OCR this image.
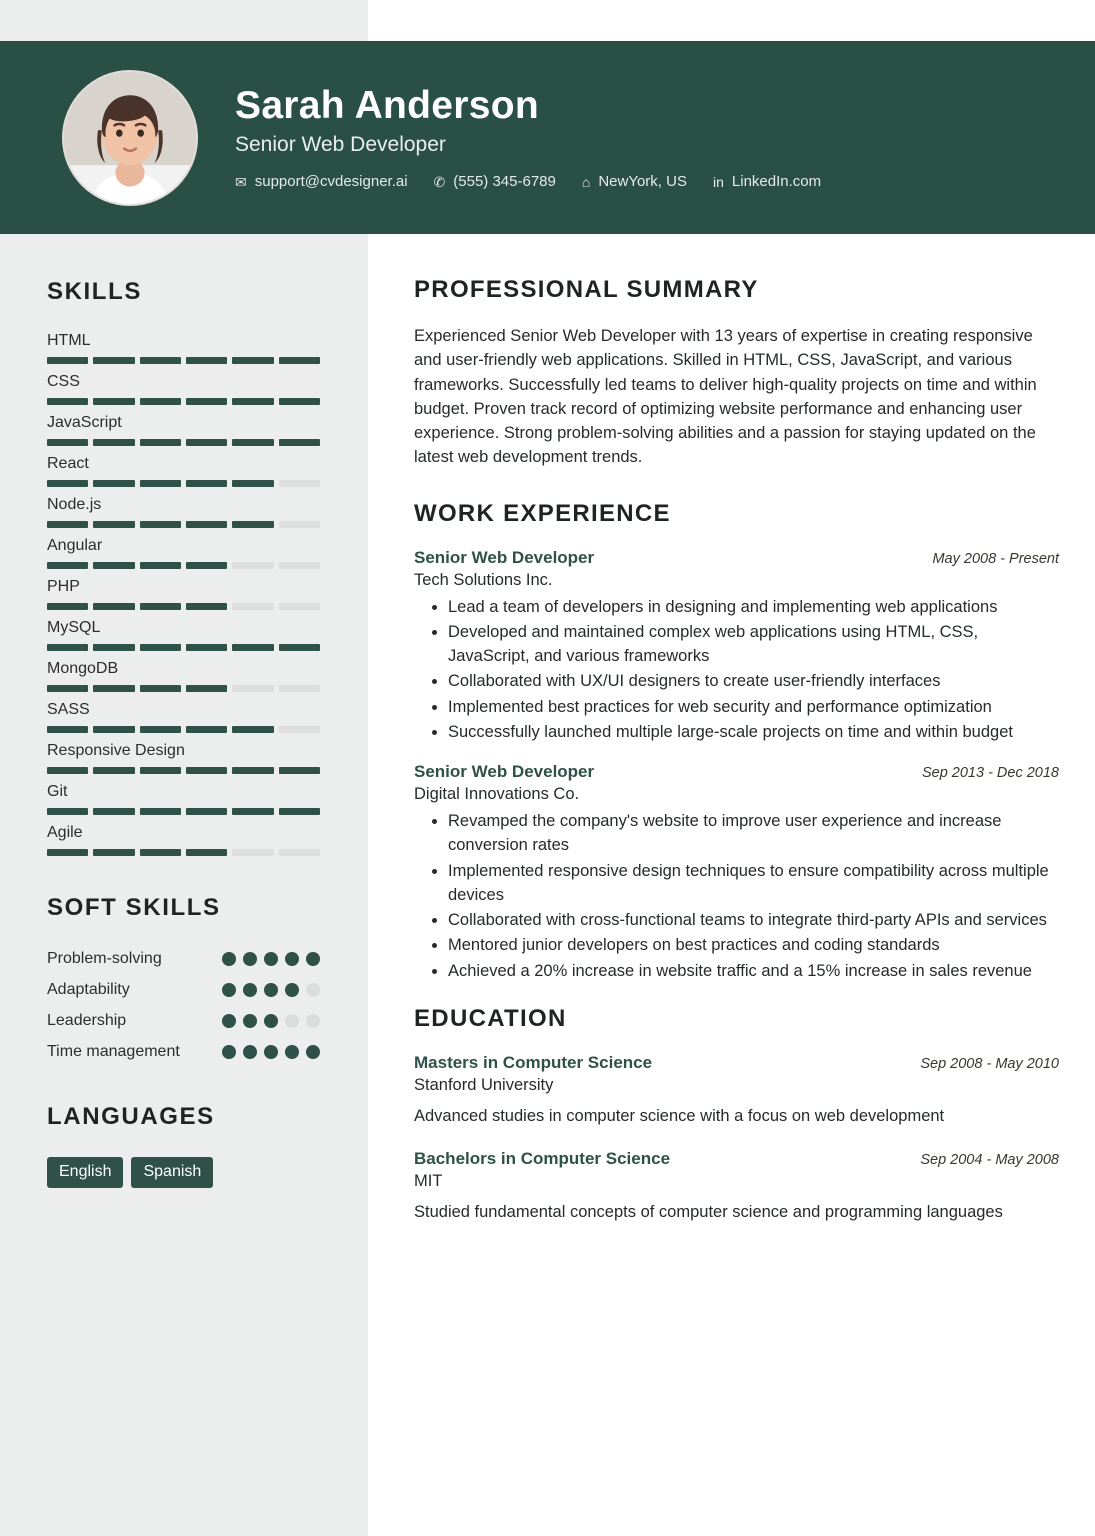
Sarah Anderson
Senior Web Developer
✉ support@cvdesigner.ai ✆ (555) 345-6789 ⌂ NewYork, US in LinkedIn.com
SKILLS
HTML
CSS
JavaScript
React
Node.js
Angular
PHP
MySQL
MongoDB
SASS
Responsive Design
Git
Agile
SOFT SKILLS
Problem-solving
Adaptability
Leadership
Time management
LANGUAGES
English	Spanish
PROFESSIONAL SUMMARY
Experienced Senior Web Developer with 13 years of expertise in creating responsive and user-friendly web applications. Skilled in HTML, CSS, JavaScript, and various frameworks. Successfully led teams to deliver high-quality projects on time and within budget. Proven track record of optimizing website performance and enhancing user experience. Strong problem-solving abilities and a passion for staying updated on the latest web development trends.
WORK EXPERIENCE
Senior Web Developer	May 2008 - Present
Tech Solutions Inc.
• Lead a team of developers in designing and implementing web applications
• Developed and maintained complex web applications using HTML, CSS, JavaScript, and various frameworks
• Collaborated with UX/UI designers to create user-friendly interfaces
• Implemented best practices for web security and performance optimization
• Successfully launched multiple large-scale projects on time and within budget
Senior Web Developer	Sep 2013 - Dec 2018
Digital Innovations Co.
• Revamped the company's website to improve user experience and increase conversion rates
• Implemented responsive design techniques to ensure compatibility across multiple devices
• Collaborated with cross-functional teams to integrate third-party APIs and services
• Mentored junior developers on best practices and coding standards
• Achieved a 20% increase in website traffic and a 15% increase in sales revenue
EDUCATION
Masters in Computer Science	Sep 2008 - May 2010
Stanford University
Advanced studies in computer science with a focus on web development
Bachelors in Computer Science	Sep 2004 - May 2008
MIT
Studied fundamental concepts of computer science and programming languages
